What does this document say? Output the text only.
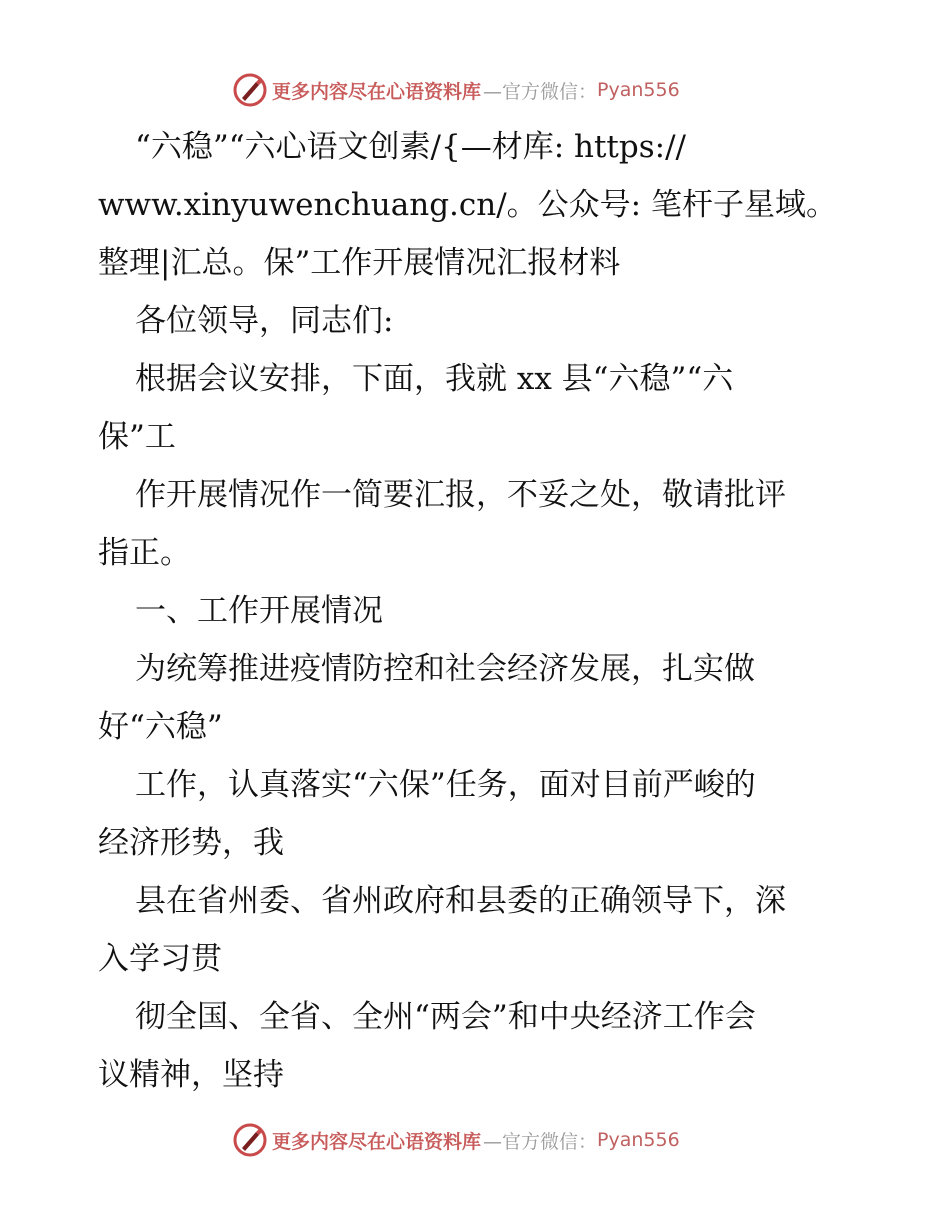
更多内容尽在心语资料库 —官方微信： Pyan556
“六稳”“六心语文创素/{—材库: https://
www.xinyuwenchuang.cn/。公众号: 笔杆子星域。
整理|汇总。保”工作开展情况汇报材料
各位领导，同志们:
根据会议安排，下面，我就 xx 县“六稳”“六
保”工
作开展情况作一简要汇报，不妥之处，敬请批评
指正。
一、工作开展情况
为统筹推进疫情防控和社会经济发展，扎实做
好“六稳”
工作，认真落实“六保”任务，面对目前严峻的
经济形势，我
县在省州委、省州政府和县委的正确领导下，深
入学习贯
彻全国、全省、全州“两会”和中央经济工作会
议精神，坚持
更多内容尽在心语资料库 —官方微信： Pyan556
